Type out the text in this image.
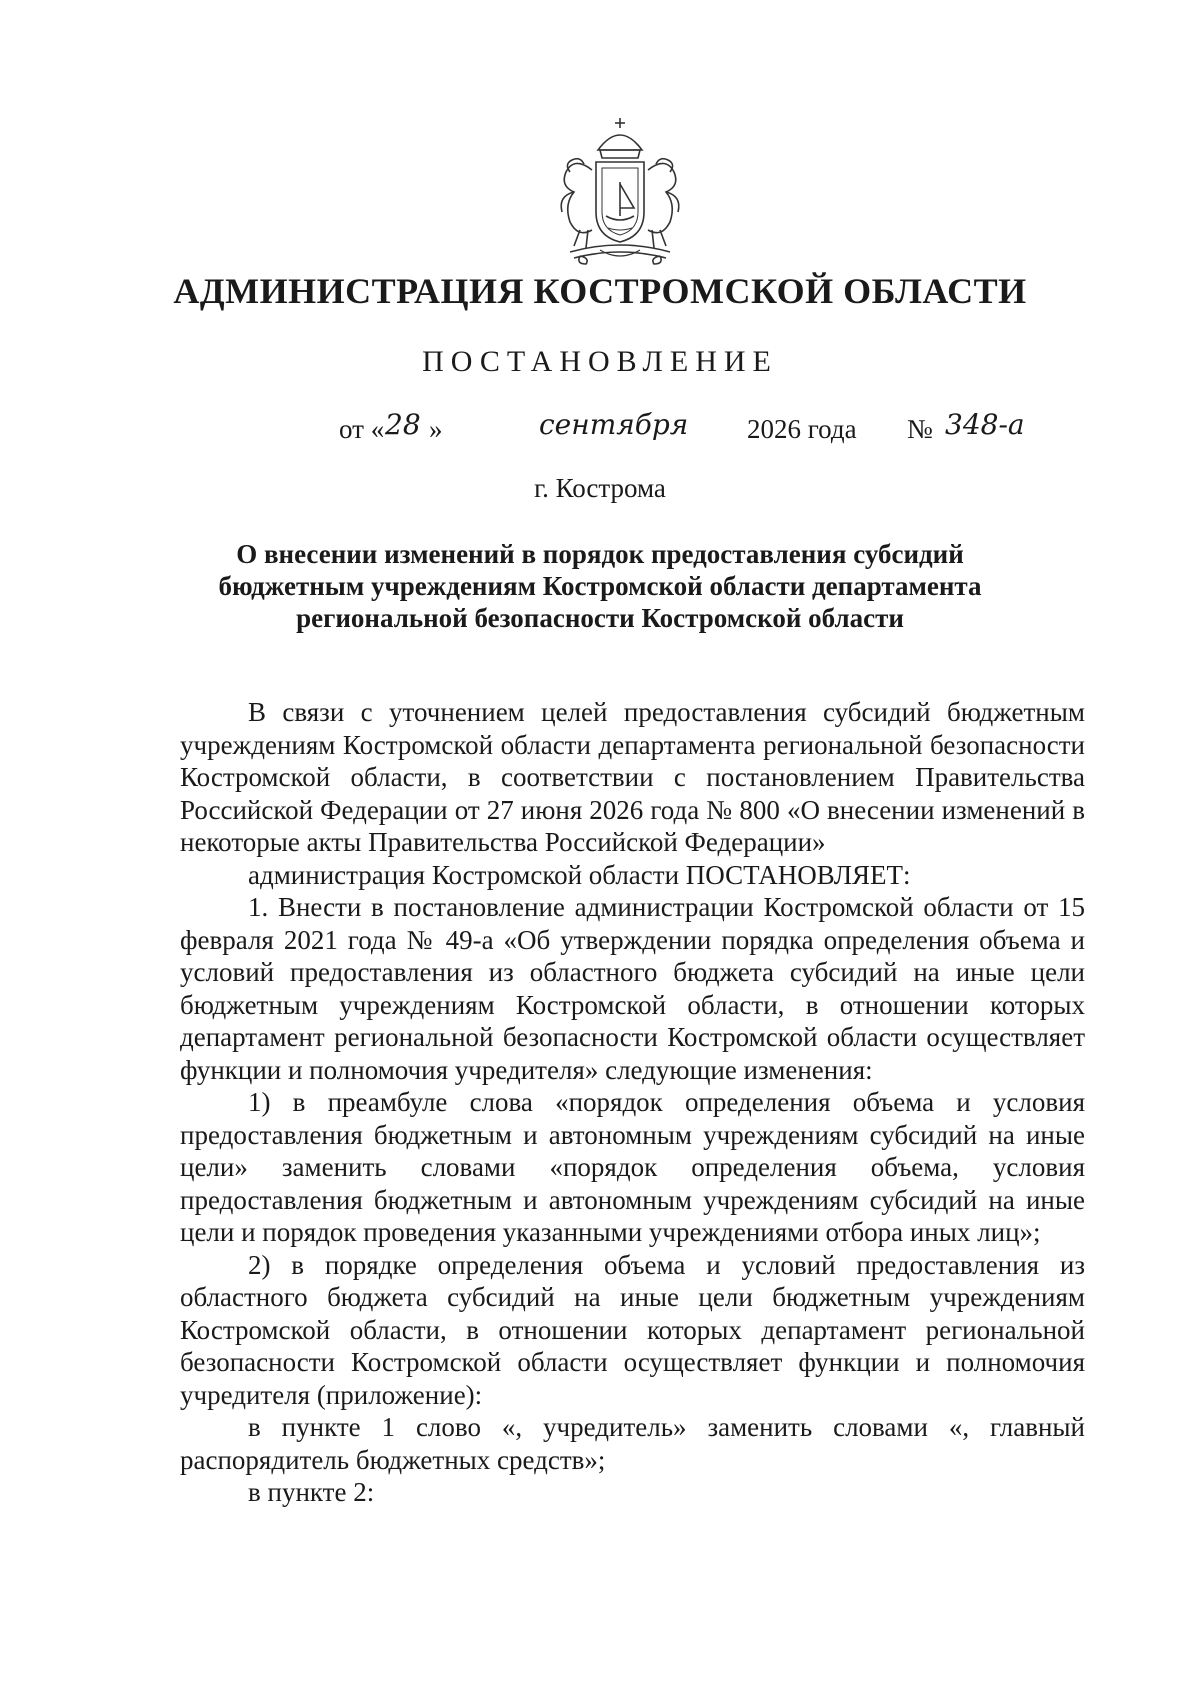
АДМИНИСТРАЦИЯ КОСТРОМСКОЙ ОБЛАСТИ
ПОСТАНОВЛЕНИЕ
от « 28 »	сентября 2026 года № 348-а
г. Кострома
О внесении изменений в порядок предоставления субсидий бюджетным учреждениям Костромской области департамента региональной безопасности Костромской области

В связи с уточнением целей предоставления субсидий бюджетным учреждениям Костромской области департамента региональной безопасности Костромской области, в соответствии с постановлением Правительства Российской Федерации от 27 июня 2026 года № 800 «О внесении изменений в некоторые акты Правительства Российской Федерации»

администрация Костромской области ПОСТАНОВЛЯЕТ:

1. Внести в постановление администрации Костромской области от 15 февраля 2021 года № 49-а «Об утверждении порядка определения объема и условий предоставления из областного бюджета субсидий на иные цели бюджетным учреждениям Костромской области, в отношении которых департамент региональной безопасности Костромской области осуществляет функции и полномочия учредителя» следующие изменения:

1) в преамбуле слова «порядок определения объема и условия предоставления бюджетным и автономным учреждениям субсидий на иные цели» заменить словами «порядок определения объема, условия предоставления бюджетным и автономным учреждениям субсидий на иные цели и порядок проведения указанными учреждениями отбора иных лиц»;

2) в порядке определения объема и условий предоставления из областного бюджета субсидий на иные цели бюджетным учреждениям Костромской области, в отношении которых департамент региональной безопасности Костромской области осуществляет функции и полномочия учредителя (приложение):

в пункте 1 слово «, учредитель» заменить словами «, главный распорядитель бюджетных средств»;

в пункте 2:
